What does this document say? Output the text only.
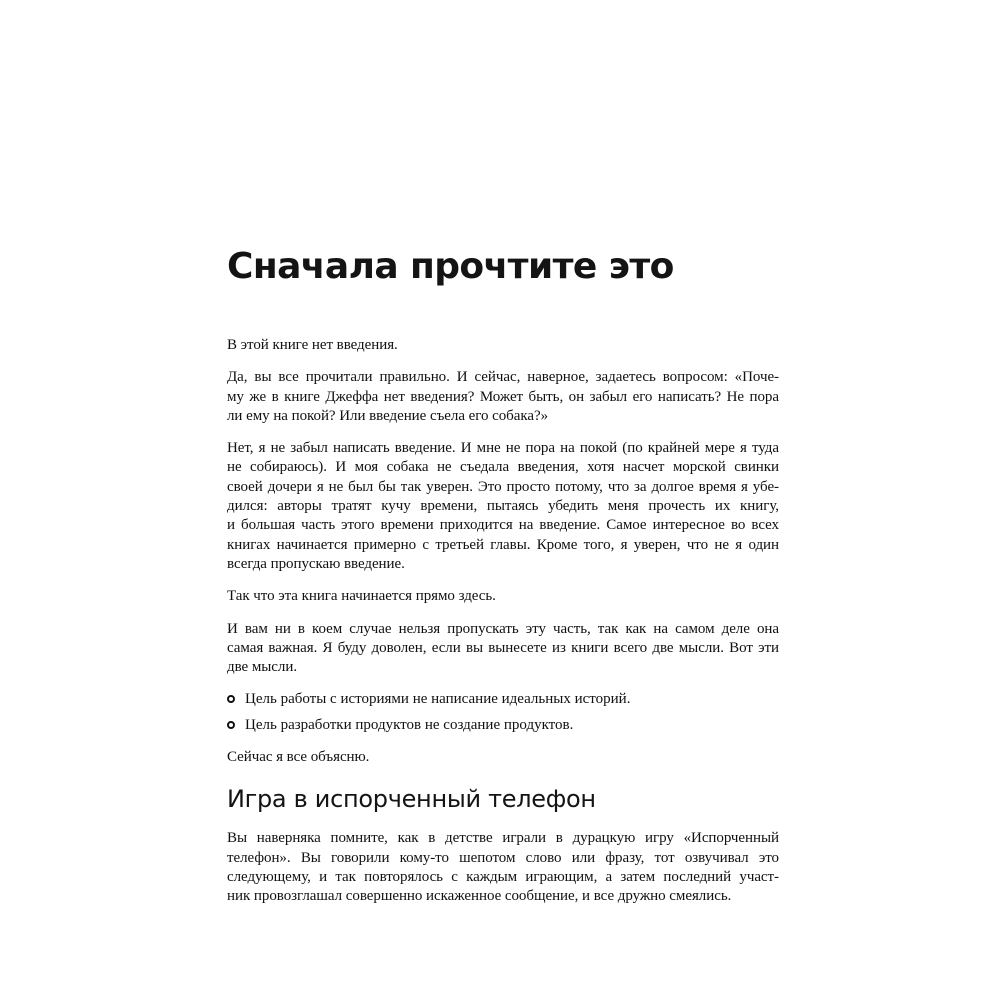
Сначала прочтите это

В этой книге нет введения.

Да, вы все прочитали правильно. И сейчас, наверное, задаетесь вопросом: «Поче-
му же в книге Джеффа нет введения? Может быть, он забыл его написать? Не пора
ли ему на покой? Или введение съела его собака?»

Нет, я не забыл написать введение. И мне не пора на покой (по крайней мере я туда
не собираюсь). И моя собака не съедала введения, хотя насчет морской свинки
своей дочери я не был бы так уверен. Это просто потому, что за долгое время я убе-
дился: авторы тратят кучу времени, пытаясь убедить меня прочесть их книгу,
и большая часть этого времени приходится на введение. Самое интересное во всех
книгах начинается примерно с третьей главы. Кроме того, я уверен, что не я один
всегда пропускаю введение.

Так что эта книга начинается прямо здесь.

И вам ни в коем случае нельзя пропускать эту часть, так как на самом деле она
самая важная. Я буду доволен, если вы вынесете из книги всего две мысли. Вот эти
две мысли.

Цель работы с историями не написание идеальных историй.
Цель разработки продуктов не создание продуктов.

Сейчас я все объясню.

Игра в испорченный телефон

Вы наверняка помните, как в детстве играли в дурацкую игру «Испорченный
телефон». Вы говорили кому-то шепотом слово или фразу, тот озвучивал это
следующему, и так повторялось с каждым играющим, а затем последний участ-
ник провозглашал совершенно искаженное сообщение, и все дружно смеялись.
